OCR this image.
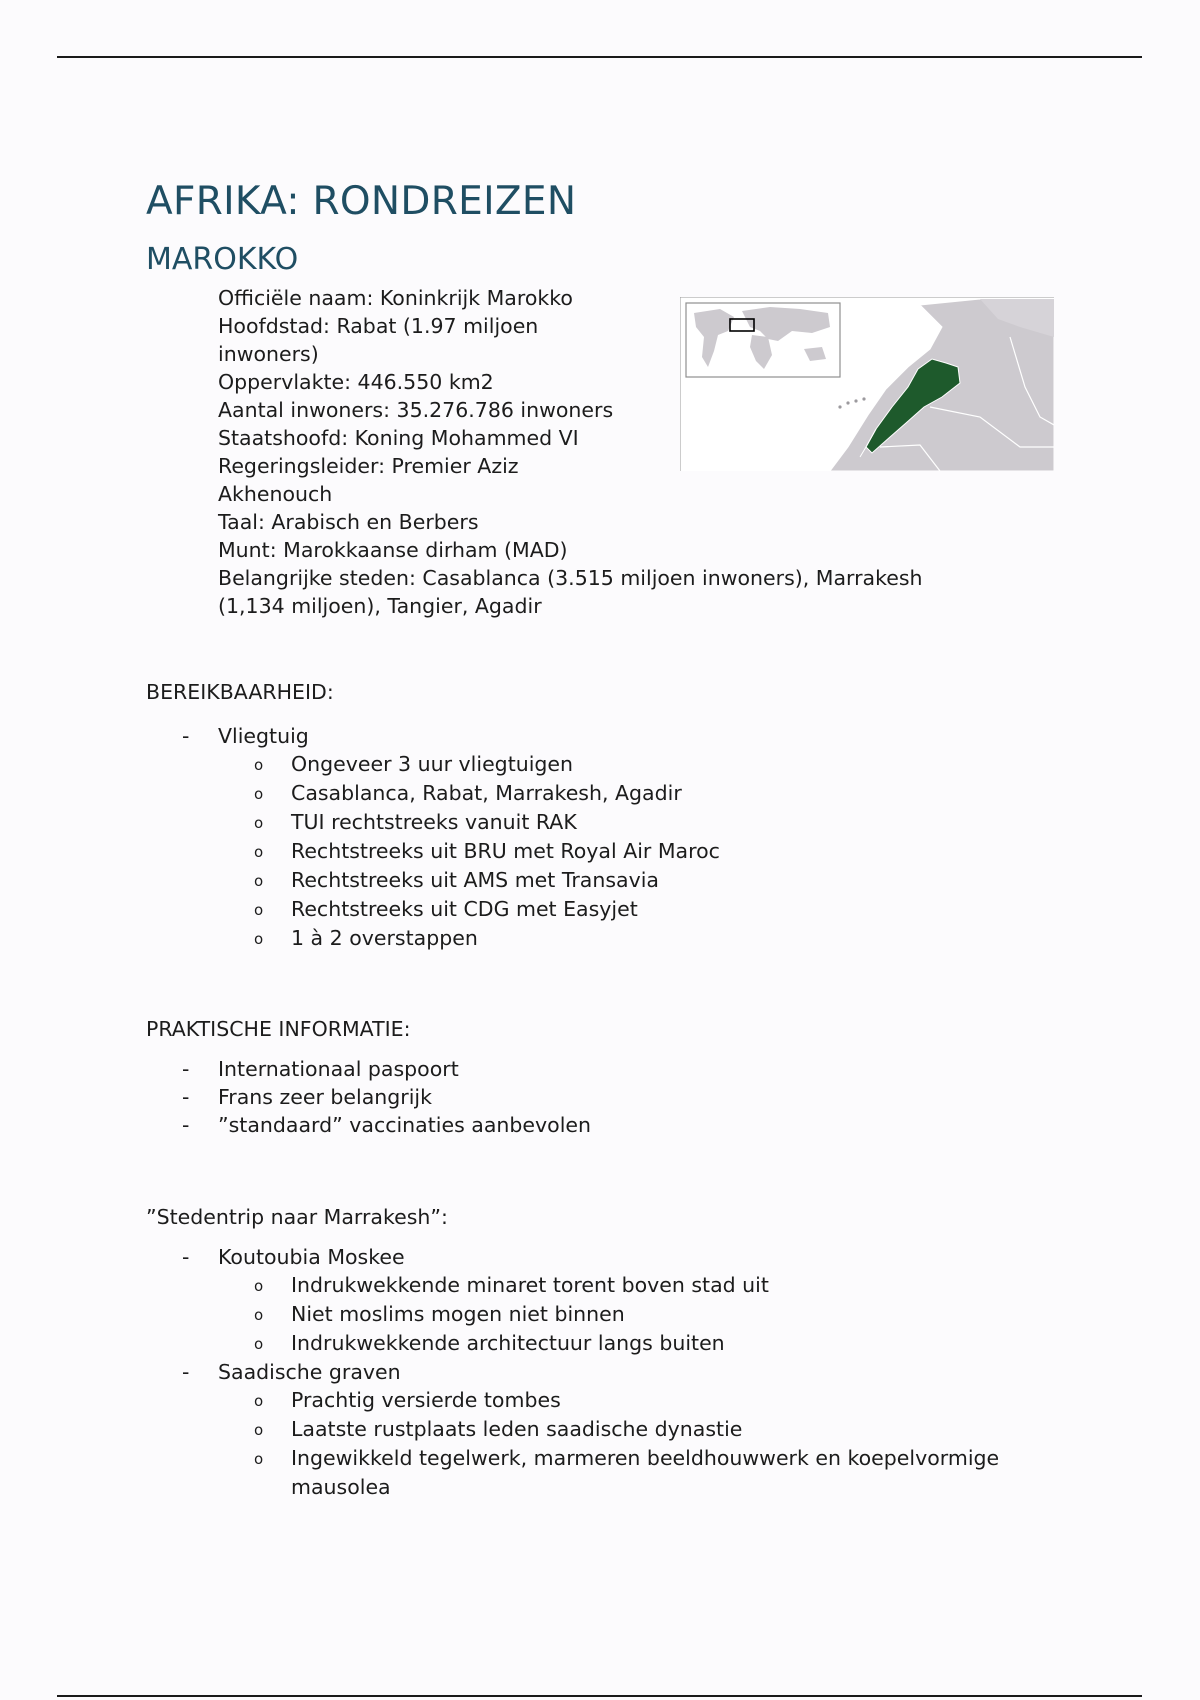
AFRIKA: RONDREIZEN
MAROKKO
Officiële naam: Koninkrijk Marokko
Hoofdstad: Rabat (1.97 miljoen
inwoners)
Oppervlakte: 446.550 km2
Aantal inwoners: 35.276.786 inwoners
Staatshoofd: Koning Mohammed VI
Regeringsleider: Premier Aziz
Akhenouch
Taal: Arabisch en Berbers
Munt: Marokkaanse dirham (MAD)
Belangrijke steden: Casablanca (3.515 miljoen inwoners), Marrakesh
(1,134 miljoen), Tangier, Agadir

BEREIKBAARHEID:

- Vliegtuig
o Ongeveer 3 uur vliegtuigen
o Casablanca, Rabat, Marrakesh, Agadir
o TUI rechtstreeks vanuit RAK
o Rechtstreeks uit BRU met Royal Air Maroc
o Rechtstreeks uit AMS met Transavia
o Rechtstreeks uit CDG met Easyjet
o 1 à 2 overstappen

PRAKTISCHE INFORMATIE:

- Internationaal paspoort
- Frans zeer belangrijk
- ”standaard” vaccinaties aanbevolen

”Stedentrip naar Marrakesh”:

- Koutoubia Moskee
o Indrukwekkende minaret torent boven stad uit
o Niet moslims mogen niet binnen
o Indrukwekkende architectuur langs buiten
- Saadische graven
o Prachtig versierde tombes
o Laatste rustplaats leden saadische dynastie
o Ingewikkeld tegelwerk, marmeren beeldhouwwerk en koepelvormige mausolea
